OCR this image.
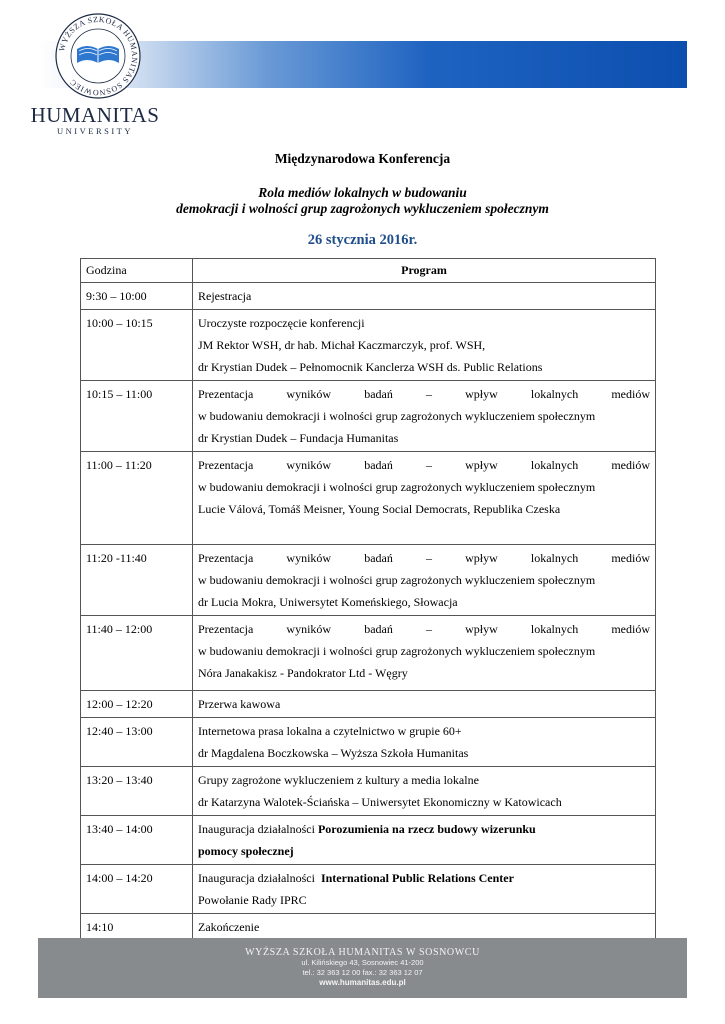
WYŻSZA SZKOŁA HUMANITAS SOSNOWIEC
HUMANITAS
UNIVERSITY
Międzynarodowa Konferencja
Rola mediów lokalnych w budowaniu
demokracji i wolności grup zagrożonych wykluczeniem społecznym
26 stycznia 2016r.
Godzina	Program
9:30 – 10:00	Rejestracja

10:00 – 10:15	Uroczyste rozpoczęcie konferencji
JM Rektor WSH, dr hab. Michał Kaczmarczyk, prof. WSH,
dr Krystian Dudek – Pełnomocnik Kanclerza WSH ds. Public Relations

10:15 – 11:00	Prezentacja wyników badań – wpływ lokalnych mediów
w budowaniu demokracji i wolności grup zagrożonych wykluczeniem społecznym
dr Krystian Dudek – Fundacja Humanitas

11:00 – 11:20	Prezentacja wyników badań – wpływ lokalnych mediów
w budowaniu demokracji i wolności grup zagrożonych wykluczeniem społecznym
Lucie Válová, Tomáš Meisner, Young Social Democrats, Republika Czeska

11:20 -11:40	Prezentacja wyników badań – wpływ lokalnych mediów
w budowaniu demokracji i wolności grup zagrożonych wykluczeniem społecznym
dr Lucia Mokra, Uniwersytet Komeńskiego, Słowacja

11:40 – 12:00	Prezentacja wyników badań – wpływ lokalnych mediów
w budowaniu demokracji i wolności grup zagrożonych wykluczeniem społecznym
Nóra Janakakisz - Pandokrator Ltd - Węgry

12:00 – 12:20	Przerwa kawowa

12:40 – 13:00	Internetowa prasa lokalna a czytelnictwo w grupie 60+
dr Magdalena Boczkowska – Wyższa Szkoła Humanitas

13:20 – 13:40	Grupy zagrożone wykluczeniem z kultury a media lokalne
dr Katarzyna Walotek-Ściańska – Uniwersytet Ekonomiczny w Katowicach

13:40 – 14:00	Inauguracja działalności Porozumienia na rzecz budowy wizerunku
pomocy społecznej

14:00 – 14:20	Inauguracja działalności  International Public Relations Center
Powołanie Rady IPRC

14:10	Zakończenie
WYŻSZA SZKOŁA HUMANITAS W SOSNOWCU
ul. Kilińskiego 43, Sosnowiec 41-200
tel.: 32 363 12 00 fax.: 32 363 12 07
www.humanitas.edu.pl
